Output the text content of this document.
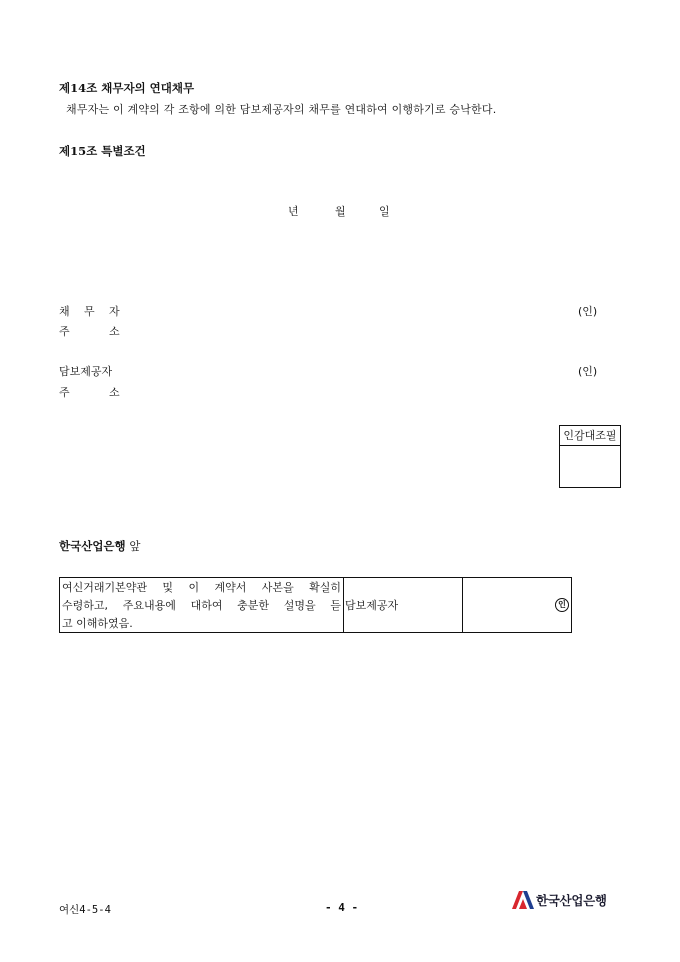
제14조 채무자의 연대채무
채무자는 이 계약의 각 조항에 의한 담보제공자의 채무를 연대하여 이행하기로 승낙한다.
제15조 특별조건
년	월	일
채 무 자	(인)
주	소
담보제공자	(인)
주	소
인감대조필
한국산업은행 앞
여신거래기본약관 및 이 계약서 사본을 확실히
수령하고, 주요내용에 대하여 충분한 설명을 듣
고 이해하였음.
담보제공자	인
여신4-5-4	- 4 -	한국산업은행
